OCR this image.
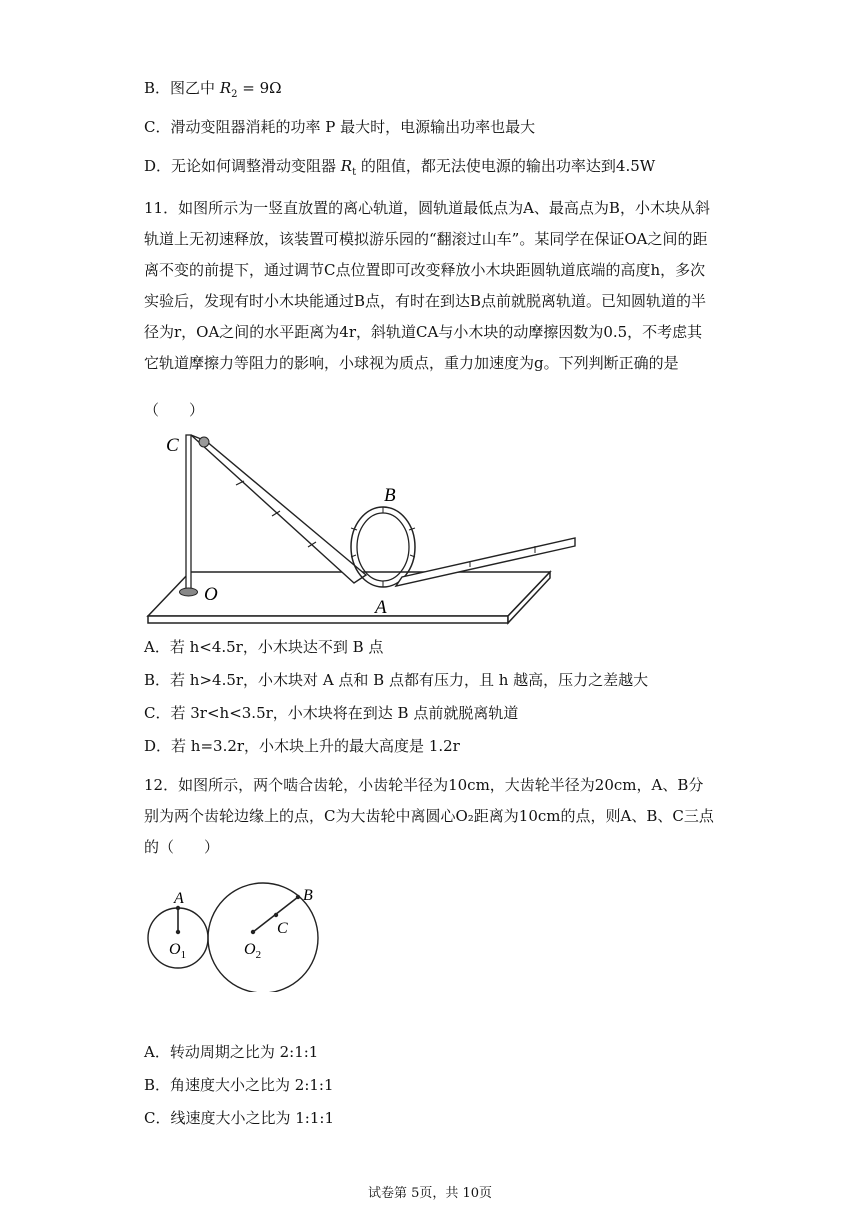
B．图乙中 $R_2 = 9\Omega$
C．滑动变阻器消耗的功率 P 最大时，电源输出功率也最大
D．无论如何调整滑动变阻器 $R_t$ 的阻值，都无法使电源的输出功率达到4.5W
11．如图所示为一竖直放置的离心轨道，圆轨道最低点为A、最高点为B，小木块从斜轨道上无初速释放，该装置可模拟游乐园的“翻滚过山车”。某同学在保证OA之间的距离不变的前提下，通过调节C点位置即可改变释放小木块距圆轨道底端的高度h，多次实验后，发现有时小木块能通过B点，有时在到达B点前就脱离轨道。已知圆轨道的半径为r，OA之间的水平距离为4r，斜轨道CA与小木块的动摩擦因数为0.5，不考虑其它轨道摩擦力等阻力的影响，小球视为质点，重力加速度为g。下列判断正确的是
（　　）
C
O
A
B
A．若 h<4.5r，小木块达不到 B 点
B．若 h>4.5r，小木块对 A 点和 B 点都有压力，且 h 越高，压力之差越大
C．若 3r<h<3.5r，小木块将在到达 B 点前就脱离轨道
D．若 h=3.2r，小木块上升的最大高度是 1.2r
12．如图所示，两个啮合齿轮，小齿轮半径为10cm，大齿轮半径为20cm，A、B分别为两个齿轮边缘上的点，C为大齿轮中离圆心O₂距离为10cm的点，则A、B、C三点的（　　）
A	B
C
$O_1$	$O_2$
A．转动周期之比为 2:1:1
B．角速度大小之比为 2:1:1
C．线速度大小之比为 1:1:1
试卷第 5页，共 10页
